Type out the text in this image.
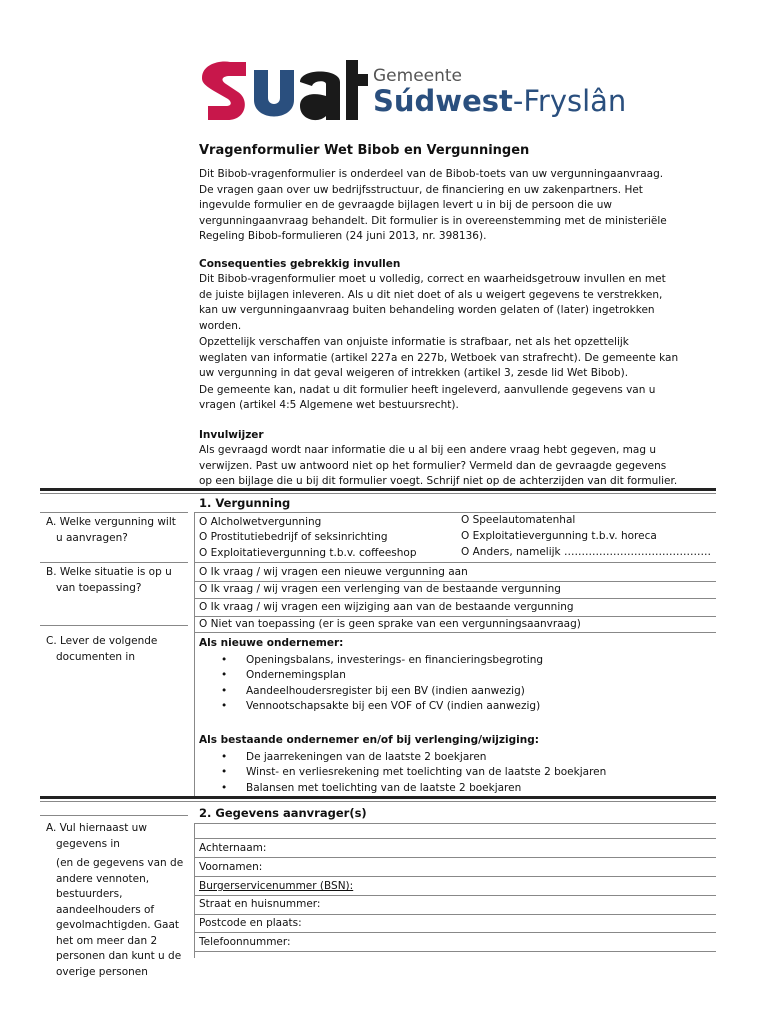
Gemeente
Súdwest-Fryslân
Vragenformulier Wet Bibob en Vergunningen

Dit Bibob-vragenformulier is onderdeel van de Bibob-toets van uw vergunningaanvraag. De vragen gaan over uw bedrijfsstructuur, de financiering en uw zakenpartners. Het ingevulde formulier en de gevraagde bijlagen levert u in bij de persoon die uw vergunningaanvraag behandelt. Dit formulier is in overeenstemming met de ministeriële Regeling Bibob-formulieren (24 juni 2013, nr. 398136).

Consequenties gebrekkig invullen

Dit Bibob-vragenformulier moet u volledig, correct en waarheidsgetrouw invullen en met de juiste bijlagen inleveren. Als u dit niet doet of als u weigert gegevens te verstrekken, kan uw vergunningaanvraag buiten behandeling worden gelaten of (later) ingetrokken worden.

Opzettelijk verschaffen van onjuiste informatie is strafbaar, net als het opzettelijk weglaten van informatie (artikel 227a en 227b, Wetboek van strafrecht). De gemeente kan uw vergunning in dat geval weigeren of intrekken (artikel 3, zesde lid Wet Bibob).

De gemeente kan, nadat u dit formulier heeft ingeleverd, aanvullende gegevens van u vragen (artikel 4:5 Algemene wet bestuursrecht).

Invulwijzer

Als gevraagd wordt naar informatie die u al bij een andere vraag hebt gegeven, mag u verwijzen. Past uw antwoord niet op het formulier? Vermeld dan de gevraagde gegevens op een bijlage die u bij dit formulier voegt. Schrijf niet op de achterzijden van dit formulier.

1. Vergunning
A. Welke vergunning wilt
u aanvragen?
O Alcholwetvergunning
O Prostitutiebedrijf of seksinrichting
O Exploitatievergunning t.b.v. coffeeshop
O Speelautomatenhal
O Exploitatievergunning t.b.v. horeca
O Anders, namelijk ……………………………………
B. Welke situatie is op u
van toepassing?
O Ik vraag / wij vragen een nieuwe vergunning aan
O Ik vraag / wij vragen een verlenging van de bestaande vergunning
O Ik vraag / wij vragen een wijziging aan van de bestaande vergunning
O Niet van toepassing (er is geen sprake van een vergunningsaanvraag)
C. Lever de volgende
documenten in
Als nieuwe ondernemer:
• Openingsbalans, investerings- en financieringsbegroting
• Ondernemingsplan
• Aandeelhoudersregister bij een BV (indien aanwezig)
• Vennootschapsakte bij een VOF of CV (indien aanwezig)
Als bestaande ondernemer en/of bij verlenging/wijziging:
• De jaarrekeningen van de laatste 2 boekjaren
• Winst- en verliesrekening met toelichting van de laatste 2 boekjaren
• Balansen met toelichting van de laatste 2 boekjaren
2. Gegevens aanvrager(s)
A. Vul hiernaast uw
gegevens in
(en de gegevens van de
andere vennoten,
bestuurders,
aandeelhouders of
gevolmachtigden. Gaat
het om meer dan 2
personen dan kunt u de
overige personen
Achternaam:
Voornamen:
Burgerservicenummer (BSN):
Straat en huisnummer:
Postcode en plaats:
Telefoonnummer:
